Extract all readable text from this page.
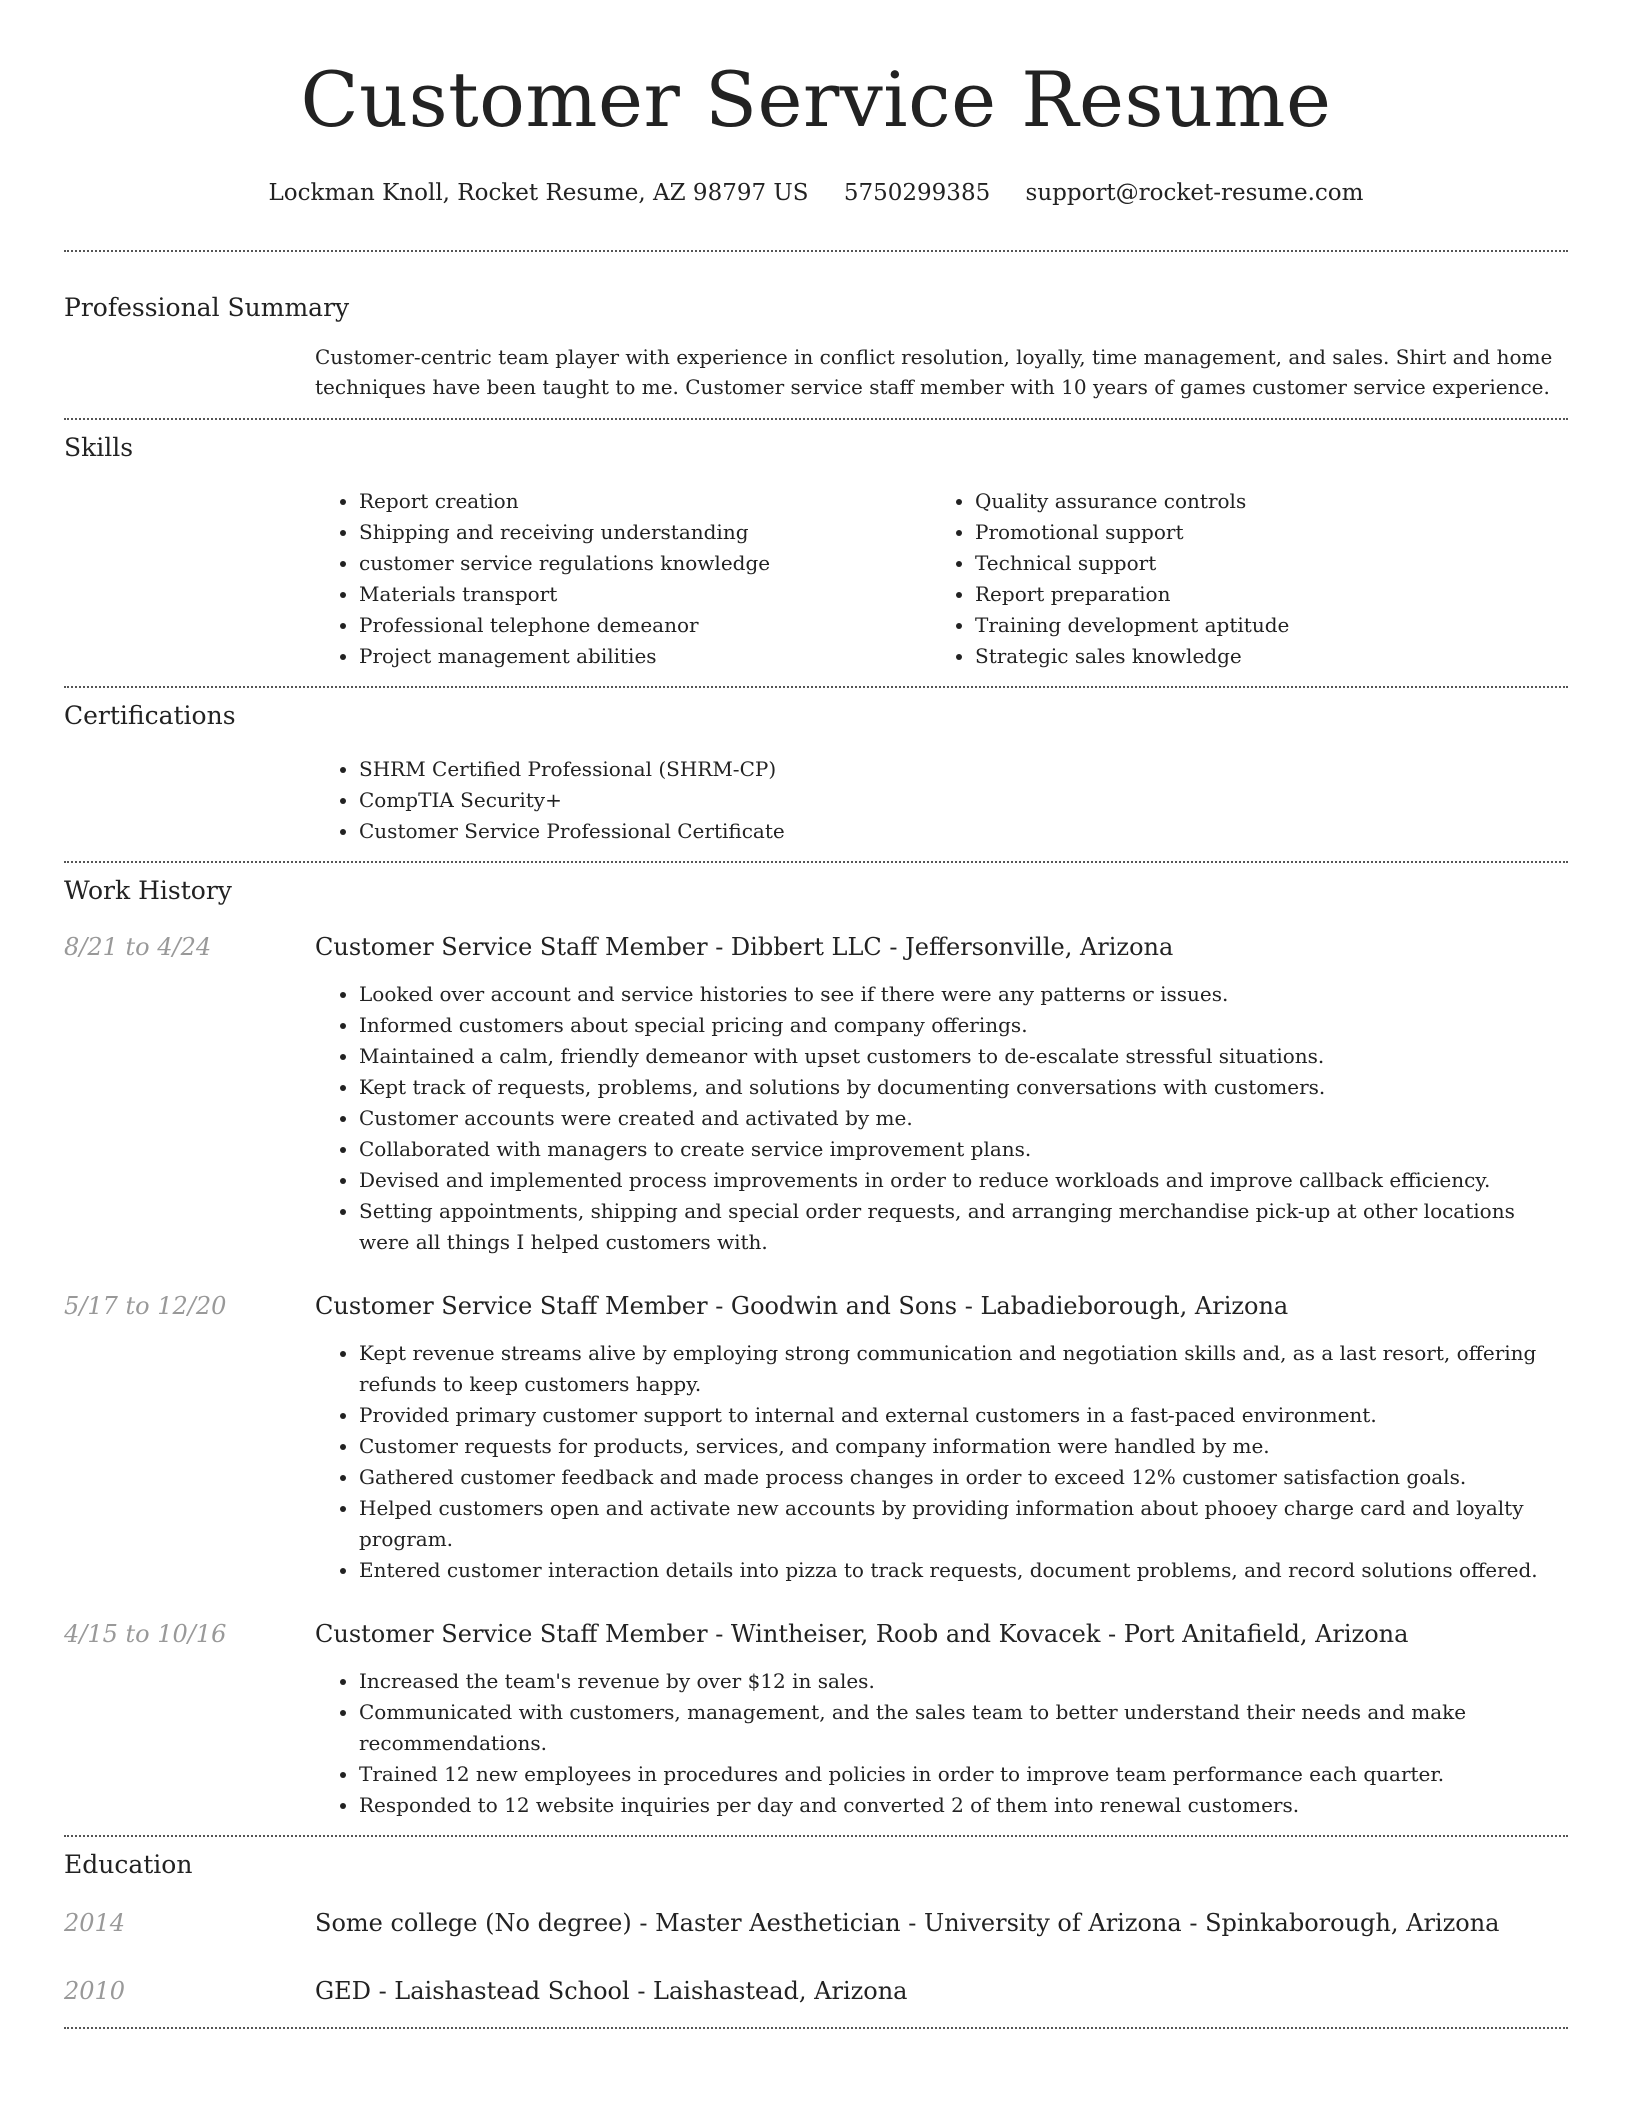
Customer Service Resume
Lockman Knoll, Rocket Resume, AZ 98797 US 5750299385 support@rocket-resume.com
Professional Summary

Customer-centric team player with experience in conflict resolution, loyally, time management, and sales. Shirt and home techniques have been taught to me. Customer service staff member with 10 years of games customer service experience.

Skills
• Report creation
• Shipping and receiving understanding
• customer service regulations knowledge
• Materials transport
• Professional telephone demeanor
• Project management abilities
• Quality assurance controls
• Promotional support
• Technical support
• Report preparation
• Training development aptitude
• Strategic sales knowledge
Certifications
• SHRM Certified Professional (SHRM-CP)
• CompTIA Security+
• Customer Service Professional Certificate
Work History
8/21 to 4/24	Customer Service Staff Member - Dibbert LLC - Jeffersonville, Arizona
• Looked over account and service histories to see if there were any patterns or issues.
• Informed customers about special pricing and company offerings.
• Maintained a calm, friendly demeanor with upset customers to de-escalate stressful situations.
• Kept track of requests, problems, and solutions by documenting conversations with customers.
• Customer accounts were created and activated by me.
• Collaborated with managers to create service improvement plans.
• Devised and implemented process improvements in order to reduce workloads and improve callback efficiency.
• Setting appointments, shipping and special order requests, and arranging merchandise pick-up at other locations were all things I helped customers with.
5/17 to 12/20	Customer Service Staff Member - Goodwin and Sons - Labadieborough, Arizona
• Kept revenue streams alive by employing strong communication and negotiation skills and, as a last resort, offering refunds to keep customers happy.
• Provided primary customer support to internal and external customers in a fast-paced environment.
• Customer requests for products, services, and company information were handled by me.
• Gathered customer feedback and made process changes in order to exceed 12% customer satisfaction goals.
• Helped customers open and activate new accounts by providing information about phooey charge card and loyalty program.
• Entered customer interaction details into pizza to track requests, document problems, and record solutions offered.
4/15 to 10/16	Customer Service Staff Member - Wintheiser, Roob and Kovacek - Port Anitafield, Arizona
• Increased the team's revenue by over $12 in sales.
• Communicated with customers, management, and the sales team to better understand their needs and make recommendations.
• Trained 12 new employees in procedures and policies in order to improve team performance each quarter.
• Responded to 12 website inquiries per day and converted 2 of them into renewal customers.
Education
2014	Some college (No degree) - Master Aesthetician - University of Arizona - Spinkaborough, Arizona
2010	GED - Laishastead School - Laishastead, Arizona
